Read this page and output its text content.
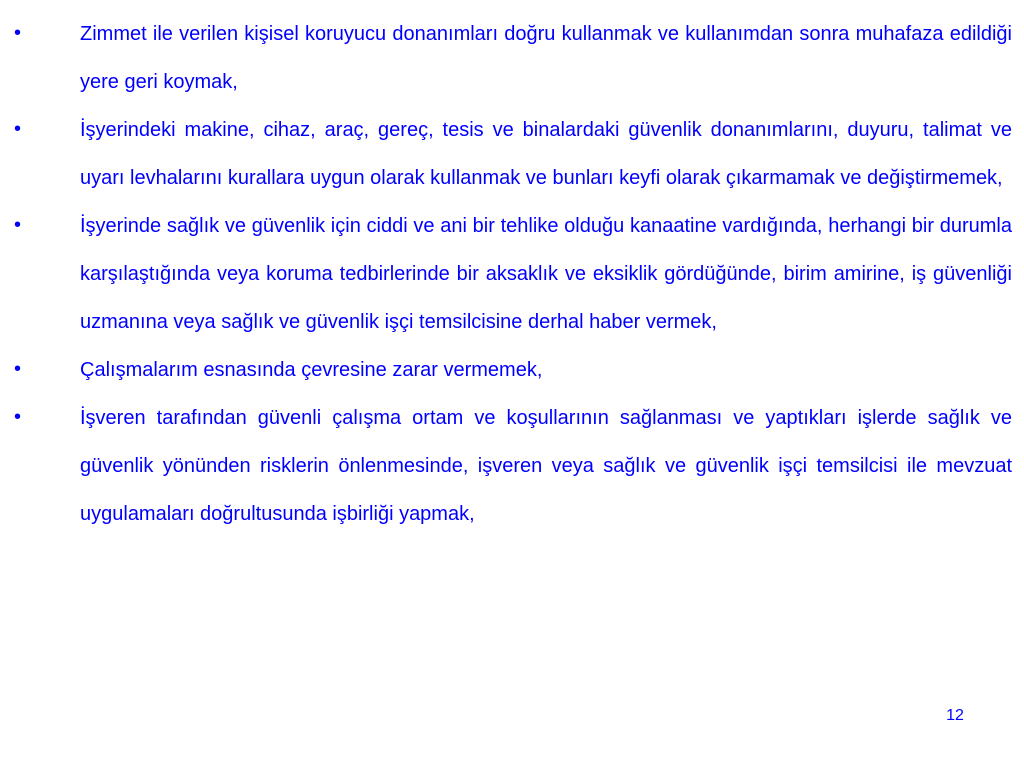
•	Zimmet ile verilen kişisel koruyucu donanımları doğru kullanmak ve kullanımdan sonra muhafaza edildiği yere geri koymak,
•	İşyerindeki makine, cihaz, araç, gereç, tesis ve binalardaki güvenlik donanımlarını, duyuru, talimat ve uyarı levhalarını kurallara uygun olarak kullanmak ve bunları keyfi olarak çıkarmamak ve değiştirmemek,
•	İşyerinde sağlık ve güvenlik için ciddi ve ani bir tehlike olduğu kanaatine vardığında, herhangi bir durumla karşılaştığında veya koruma tedbirlerinde bir aksaklık ve eksiklik gördüğünde, birim amirine, iş güvenliği uzmanına veya sağlık ve güvenlik işçi temsilcisine derhal haber vermek,
•	Çalışmalarım esnasında çevresine zarar vermemek,
•	İşveren tarafından güvenli çalışma ortam ve koşullarının sağlanması ve yaptıkları işlerde sağlık ve güvenlik yönünden risklerin önlenmesinde, işveren veya sağlık ve güvenlik işçi temsilcisi ile mevzuat uygulamaları doğrultusunda işbirliği yapmak,
12
